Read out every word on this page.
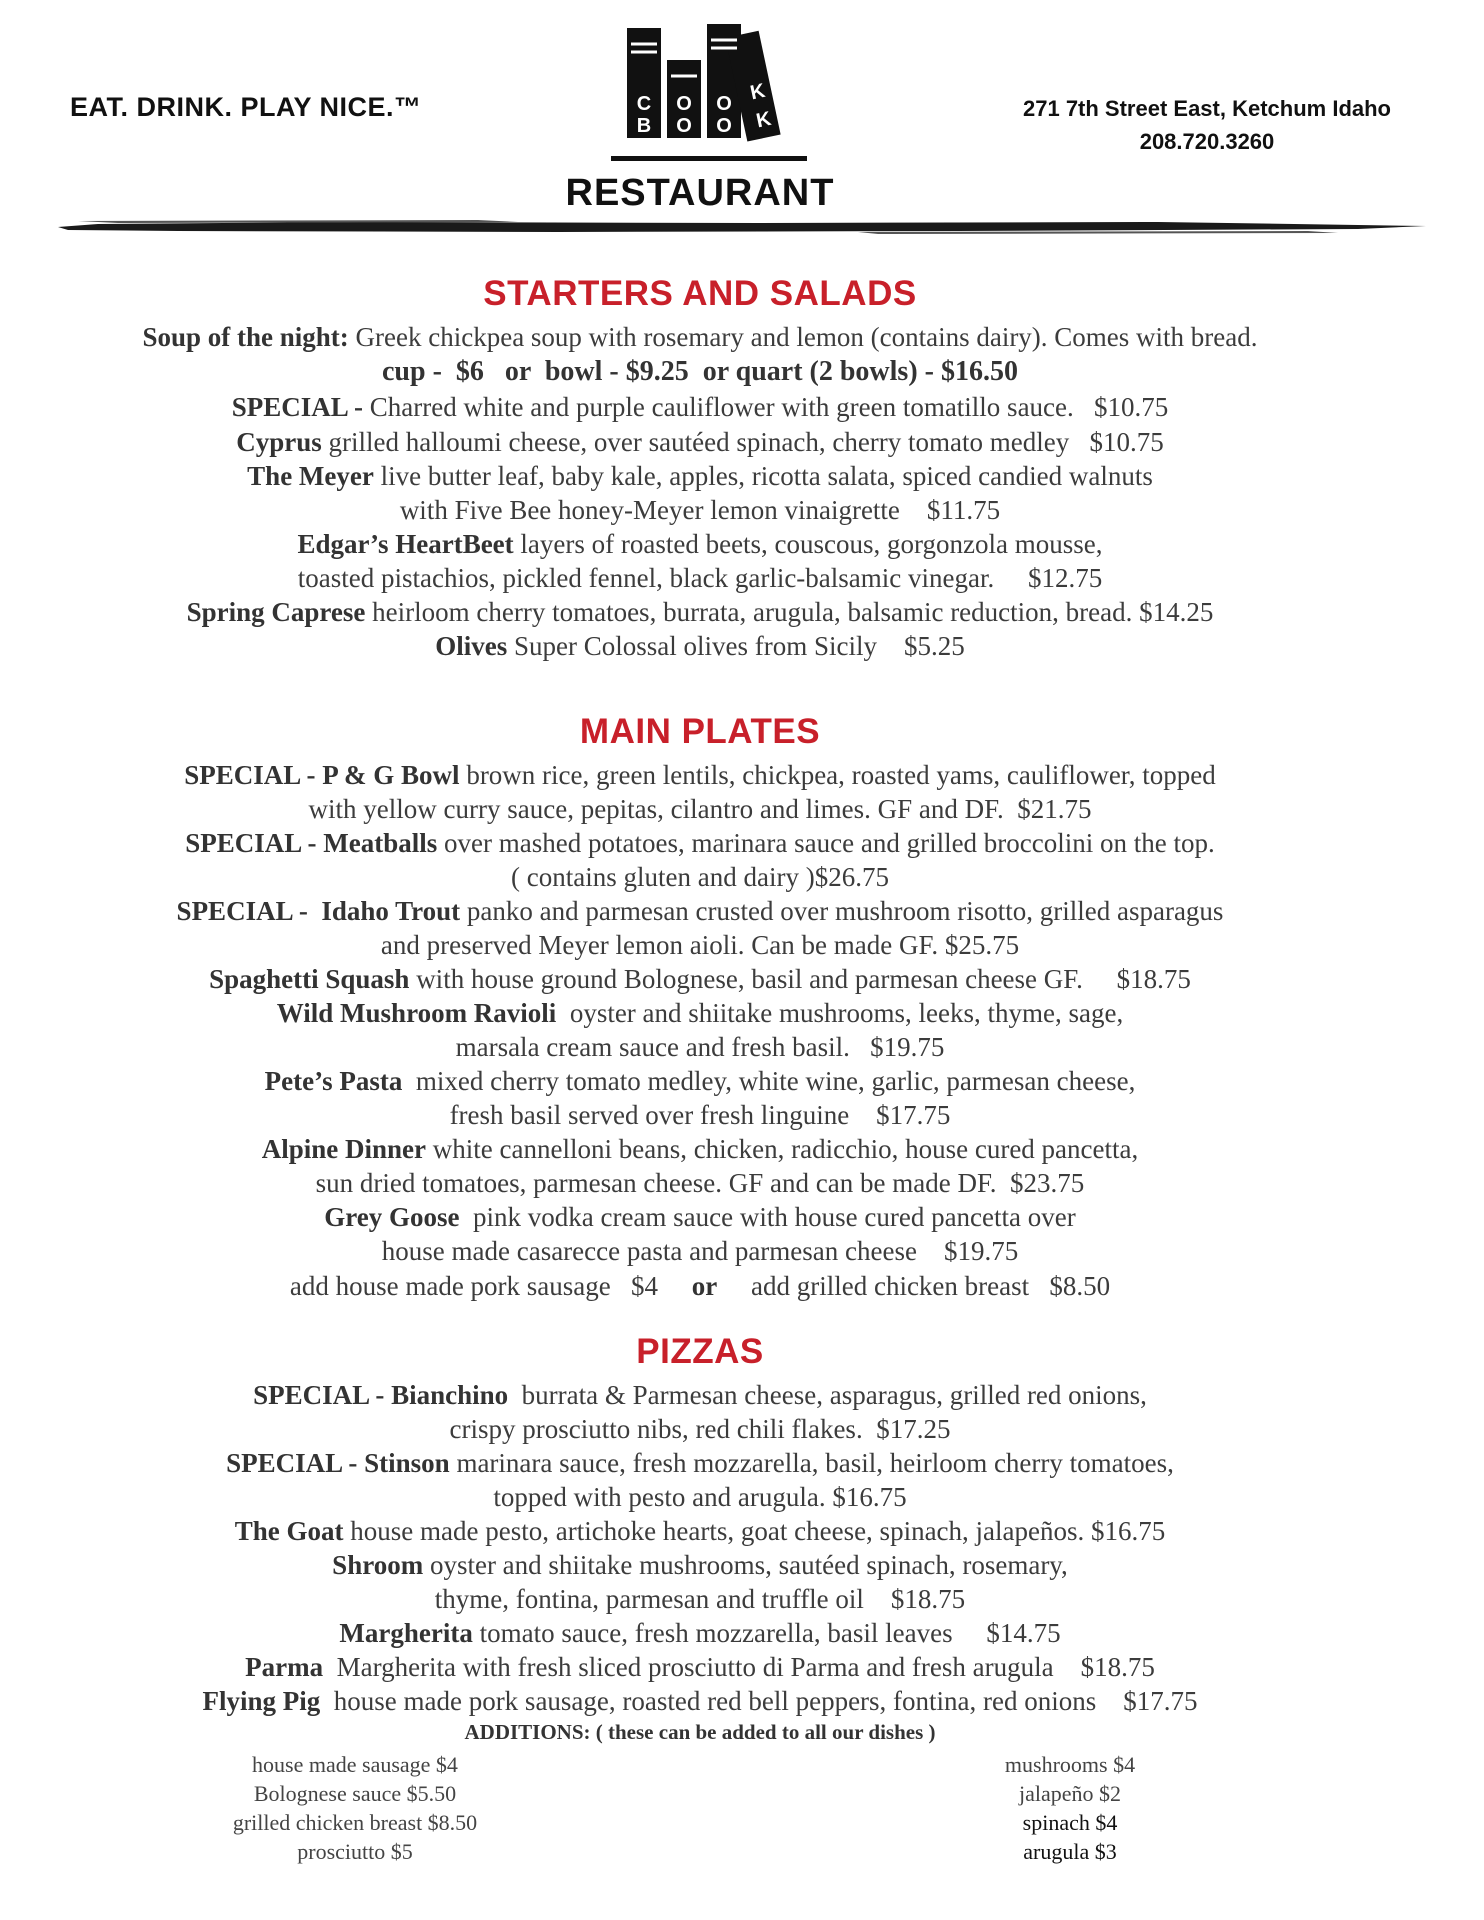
EAT. DRINK. PLAY NICE.™	C O O K
B O O K	271 7th Street East, Ketchum Idaho
208.720.3260
RESTAURANT
STARTERS AND SALADS
Soup of the night: Greek chickpea soup with rosemary and lemon (contains dairy). Comes with bread.
cup -  $6   or  bowl - $9.25  or quart (2 bowls) - $16.50
SPECIAL - Charred white and purple cauliflower with green tomatillo sauce.   $10.75
Cyprus grilled halloumi cheese, over sautéed spinach, cherry tomato medley   $10.75
The Meyer live butter leaf, baby kale, apples, ricotta salata, spiced candied walnuts
with Five Bee honey-Meyer lemon vinaigrette    $11.75
Edgar’s HeartBeet layers of roasted beets, couscous, gorgonzola mousse,
toasted pistachios, pickled fennel, black garlic-balsamic vinegar.     $12.75
Spring Caprese heirloom cherry tomatoes, burrata, arugula, balsamic reduction, bread. $14.25
Olives Super Colossal olives from Sicily    $5.25
MAIN PLATES
SPECIAL - P & G Bowl brown rice, green lentils, chickpea, roasted yams, cauliflower, topped
with yellow curry sauce, pepitas, cilantro and limes. GF and DF.  $21.75
SPECIAL - Meatballs over mashed potatoes, marinara sauce and grilled broccolini on the top.
( contains gluten and dairy )$26.75
SPECIAL -  Idaho Trout panko and parmesan crusted over mushroom risotto, grilled asparagus
and preserved Meyer lemon aioli. Can be made GF. $25.75
Spaghetti Squash with house ground Bolognese, basil and parmesan cheese GF.     $18.75
Wild Mushroom Ravioli  oyster and shiitake mushrooms, leeks, thyme, sage,
marsala cream sauce and fresh basil.   $19.75
Pete’s Pasta  mixed cherry tomato medley, white wine, garlic, parmesan cheese,
fresh basil served over fresh linguine    $17.75
Alpine Dinner white cannelloni beans, chicken, radicchio, house cured pancetta,
sun dried tomatoes, parmesan cheese. GF and can be made DF.  $23.75
Grey Goose  pink vodka cream sauce with house cured pancetta over
house made casarecce pasta and parmesan cheese    $19.75
add house made pork sausage   $4 or add grilled chicken breast   $8.50
PIZZAS
SPECIAL - Bianchino  burrata & Parmesan cheese, asparagus, grilled red onions,
crispy prosciutto nibs, red chili flakes.  $17.25
SPECIAL - Stinson marinara sauce, fresh mozzarella, basil, heirloom cherry tomatoes,
topped with pesto and arugula. $16.75
The Goat house made pesto, artichoke hearts, goat cheese, spinach, jalapeños. $16.75
Shroom oyster and shiitake mushrooms, sautéed spinach, rosemary,
thyme, fontina, parmesan and truffle oil    $18.75
Margherita tomato sauce, fresh mozzarella, basil leaves     $14.75
Parma  Margherita with fresh sliced prosciutto di Parma and fresh arugula    $18.75
Flying Pig  house made pork sausage, roasted red bell peppers, fontina, red onions    $17.75
ADDITIONS: ( these can be added to all our dishes )
house made sausage $4
Bolognese sauce $5.50
grilled chicken breast $8.50
prosciutto $5
mushrooms $4
jalapeño $2
spinach $4
arugula $3
